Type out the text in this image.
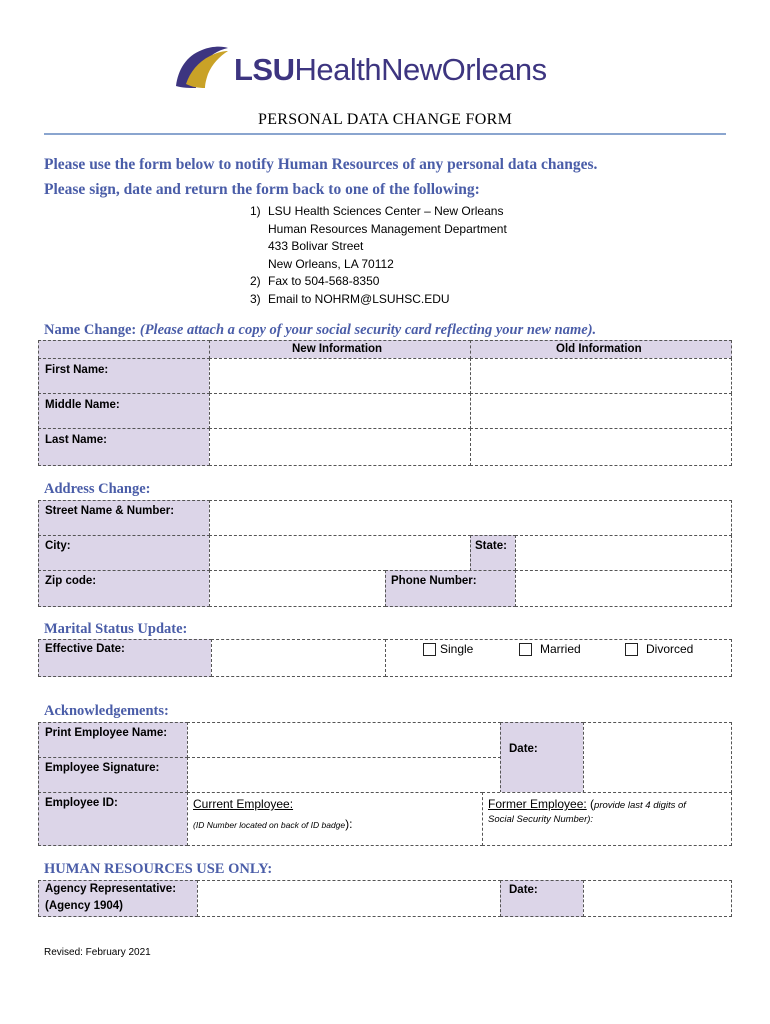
LSUHealthNewOrleans
PERSONAL DATA CHANGE FORM
Please use the form below to notify Human Resources of any personal data changes.
Please sign, date and return the form back to one of the following:
1) LSU Health Sciences Center – New Orleans
Human Resources Management Department
433 Bolivar Street
New Orleans, LA 70112
2) Fax to 504-568-8350
3) Email to NOHRM@LSUHSC.EDU
Name Change: (Please attach a copy of your social security card reflecting your new name).
New Information	Old Information
First Name:
Middle Name:
Last Name:
Address Change:
Street Name & Number:
City:	State:
Zip code:	Phone Number:
Marital Status Update:
Effective Date:	Single	Married	Divorced
Acknowledgements:
Print Employee Name:
Employee Signature:
Date:
Employee ID:	Current Employee:
(ID Number located on back of ID badge):
Former Employee: (provide last 4 digits of
Social Security Number):
HUMAN RESOURCES USE ONLY:
Agency Representative:
(Agency 1904)
Date:
Revised: February 2021
